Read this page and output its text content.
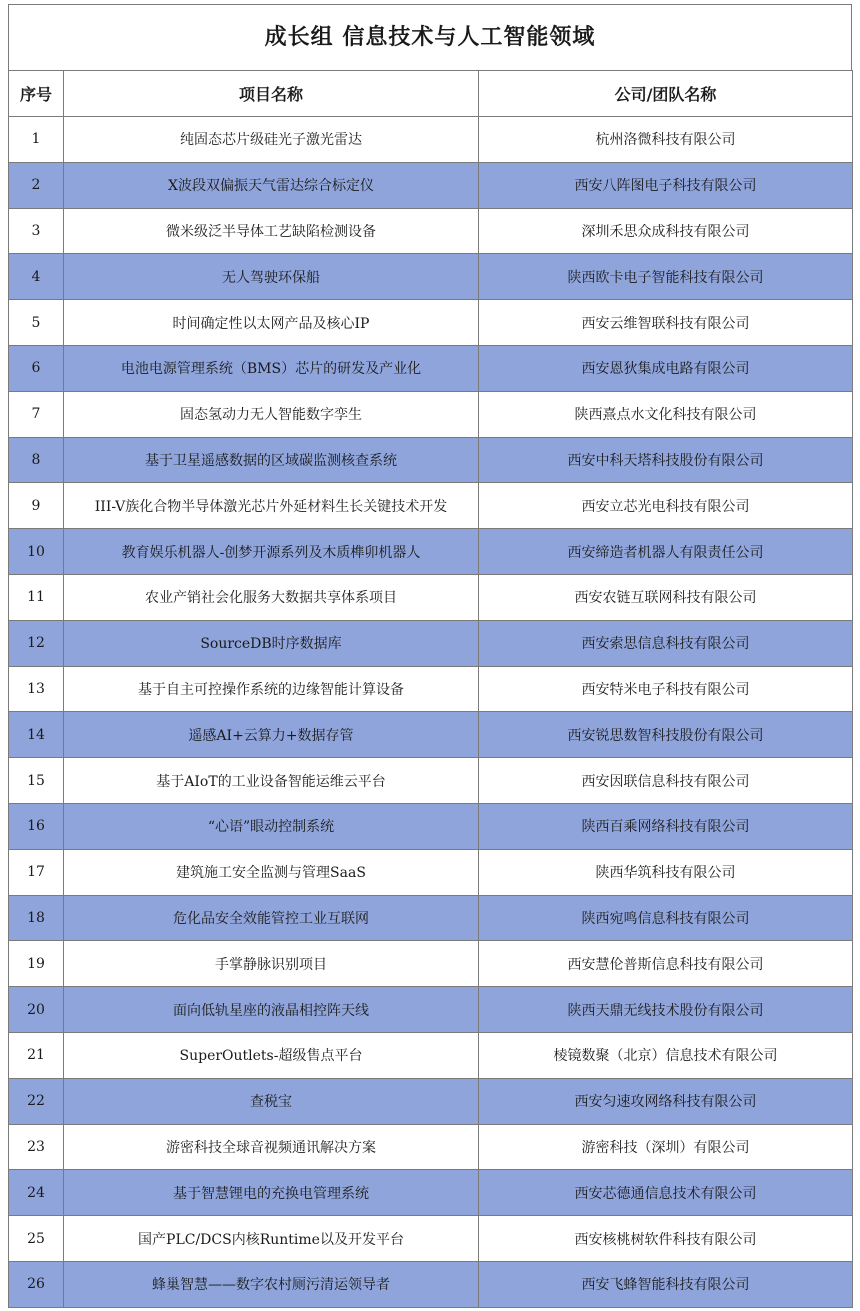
成长组 信息技术与人工智能领域
序号	项目名称	公司/团队名称
1	纯固态芯片级硅光子激光雷达	杭州洛微科技有限公司
2	X波段双偏振天气雷达综合标定仪	西安八阵图电子科技有限公司
3	微米级泛半导体工艺缺陷检测设备	深圳禾思众成科技有限公司
4	无人驾驶环保船	陕西欧卡电子智能科技有限公司
5	时间确定性以太网产品及核心IP	西安云维智联科技有限公司
6	电池电源管理系统（BMS）芯片的研发及产业化	西安恩狄集成电路有限公司
7	固态氢动力无人智能数字孪生	陕西熹点水文化科技有限公司
8	基于卫星遥感数据的区域碳监测核查系统	西安中科天塔科技股份有限公司
9	III-V族化合物半导体激光芯片外延材料生长关键技术开发	西安立芯光电科技有限公司
10	教育娱乐机器人-创梦开源系列及木质榫卯机器人	西安缔造者机器人有限责任公司
11	农业产销社会化服务大数据共享体系项目	西安农链互联网科技有限公司
12	SourceDB时序数据库	西安索思信息科技有限公司
13	基于自主可控操作系统的边缘智能计算设备	西安特米电子科技有限公司
14	遥感AI+云算力+数据存管	西安锐思数智科技股份有限公司
15	基于AIoT的工业设备智能运维云平台	西安因联信息科技有限公司
16	“心语”眼动控制系统	陕西百乘网络科技有限公司
17	建筑施工安全监测与管理SaaS	陕西华筑科技有限公司
18	危化品安全效能管控工业互联网	陕西宛鸣信息科技有限公司
19	手掌静脉识别项目	西安慧伦普斯信息科技有限公司
20	面向低轨星座的液晶相控阵天线	陕西天鼎无线技术股份有限公司
21	SuperOutlets-超级售点平台	棱镜数聚（北京）信息技术有限公司
22	查税宝	西安匀速攻网络科技有限公司
23	游密科技全球音视频通讯解决方案	游密科技（深圳）有限公司
24	基于智慧锂电的充换电管理系统	西安芯德通信息技术有限公司
25	国产PLC/DCS内核Runtime以及开发平台	西安核桃树软件科技有限公司
26	蜂巢智慧——数字农村厕污清运领导者	西安飞蜂智能科技有限公司
